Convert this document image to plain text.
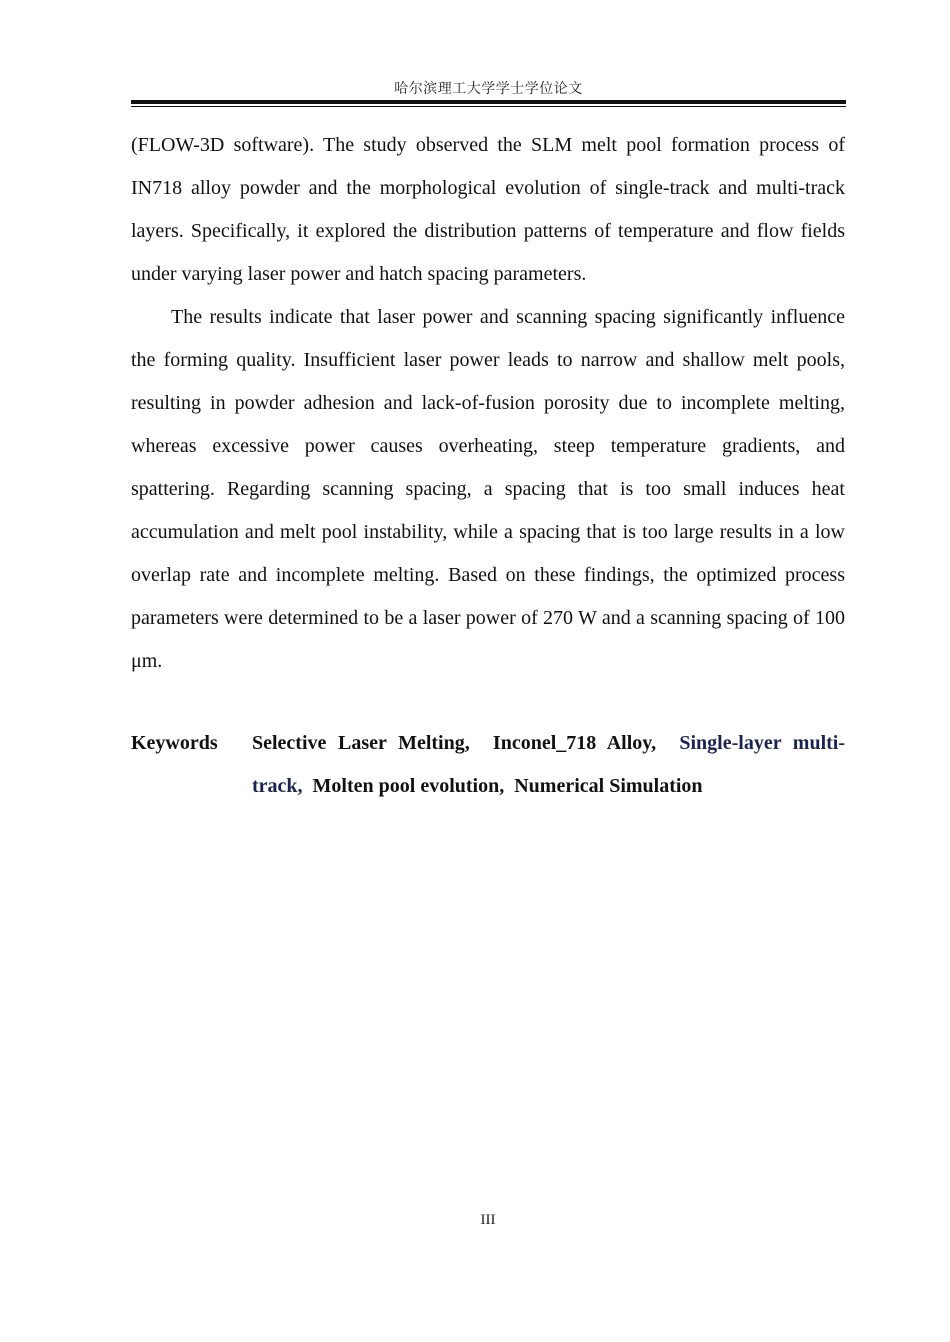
哈尔滨理工大学学士学位论文

(FLOW-3D software). The study observed the SLM melt pool formation process of IN718 alloy powder and the morphological evolution of single-track and multi-track layers. Specifically, it explored the distribution patterns of temperature and flow fields under varying laser power and hatch spacing parameters.

The results indicate that laser power and scanning spacing significantly influence the forming quality. Insufficient laser power leads to narrow and shallow melt pools, resulting in powder adhesion and lack-of-fusion porosity due to incomplete melting, whereas excessive power causes overheating, steep temperature gradients, and spattering. Regarding scanning spacing, a spacing that is too small induces heat accumulation and melt pool instability, while a spacing that is too large results in a low overlap rate and incomplete melting. Based on these findings, the optimized process parameters were determined to be a laser power of 270 W and a scanning spacing of 100 μm.

Keywords	Selective Laser Melting, Inconel_718 Alloy, Single-layer multi-track, Molten pool evolution, Numerical Simulation
III
